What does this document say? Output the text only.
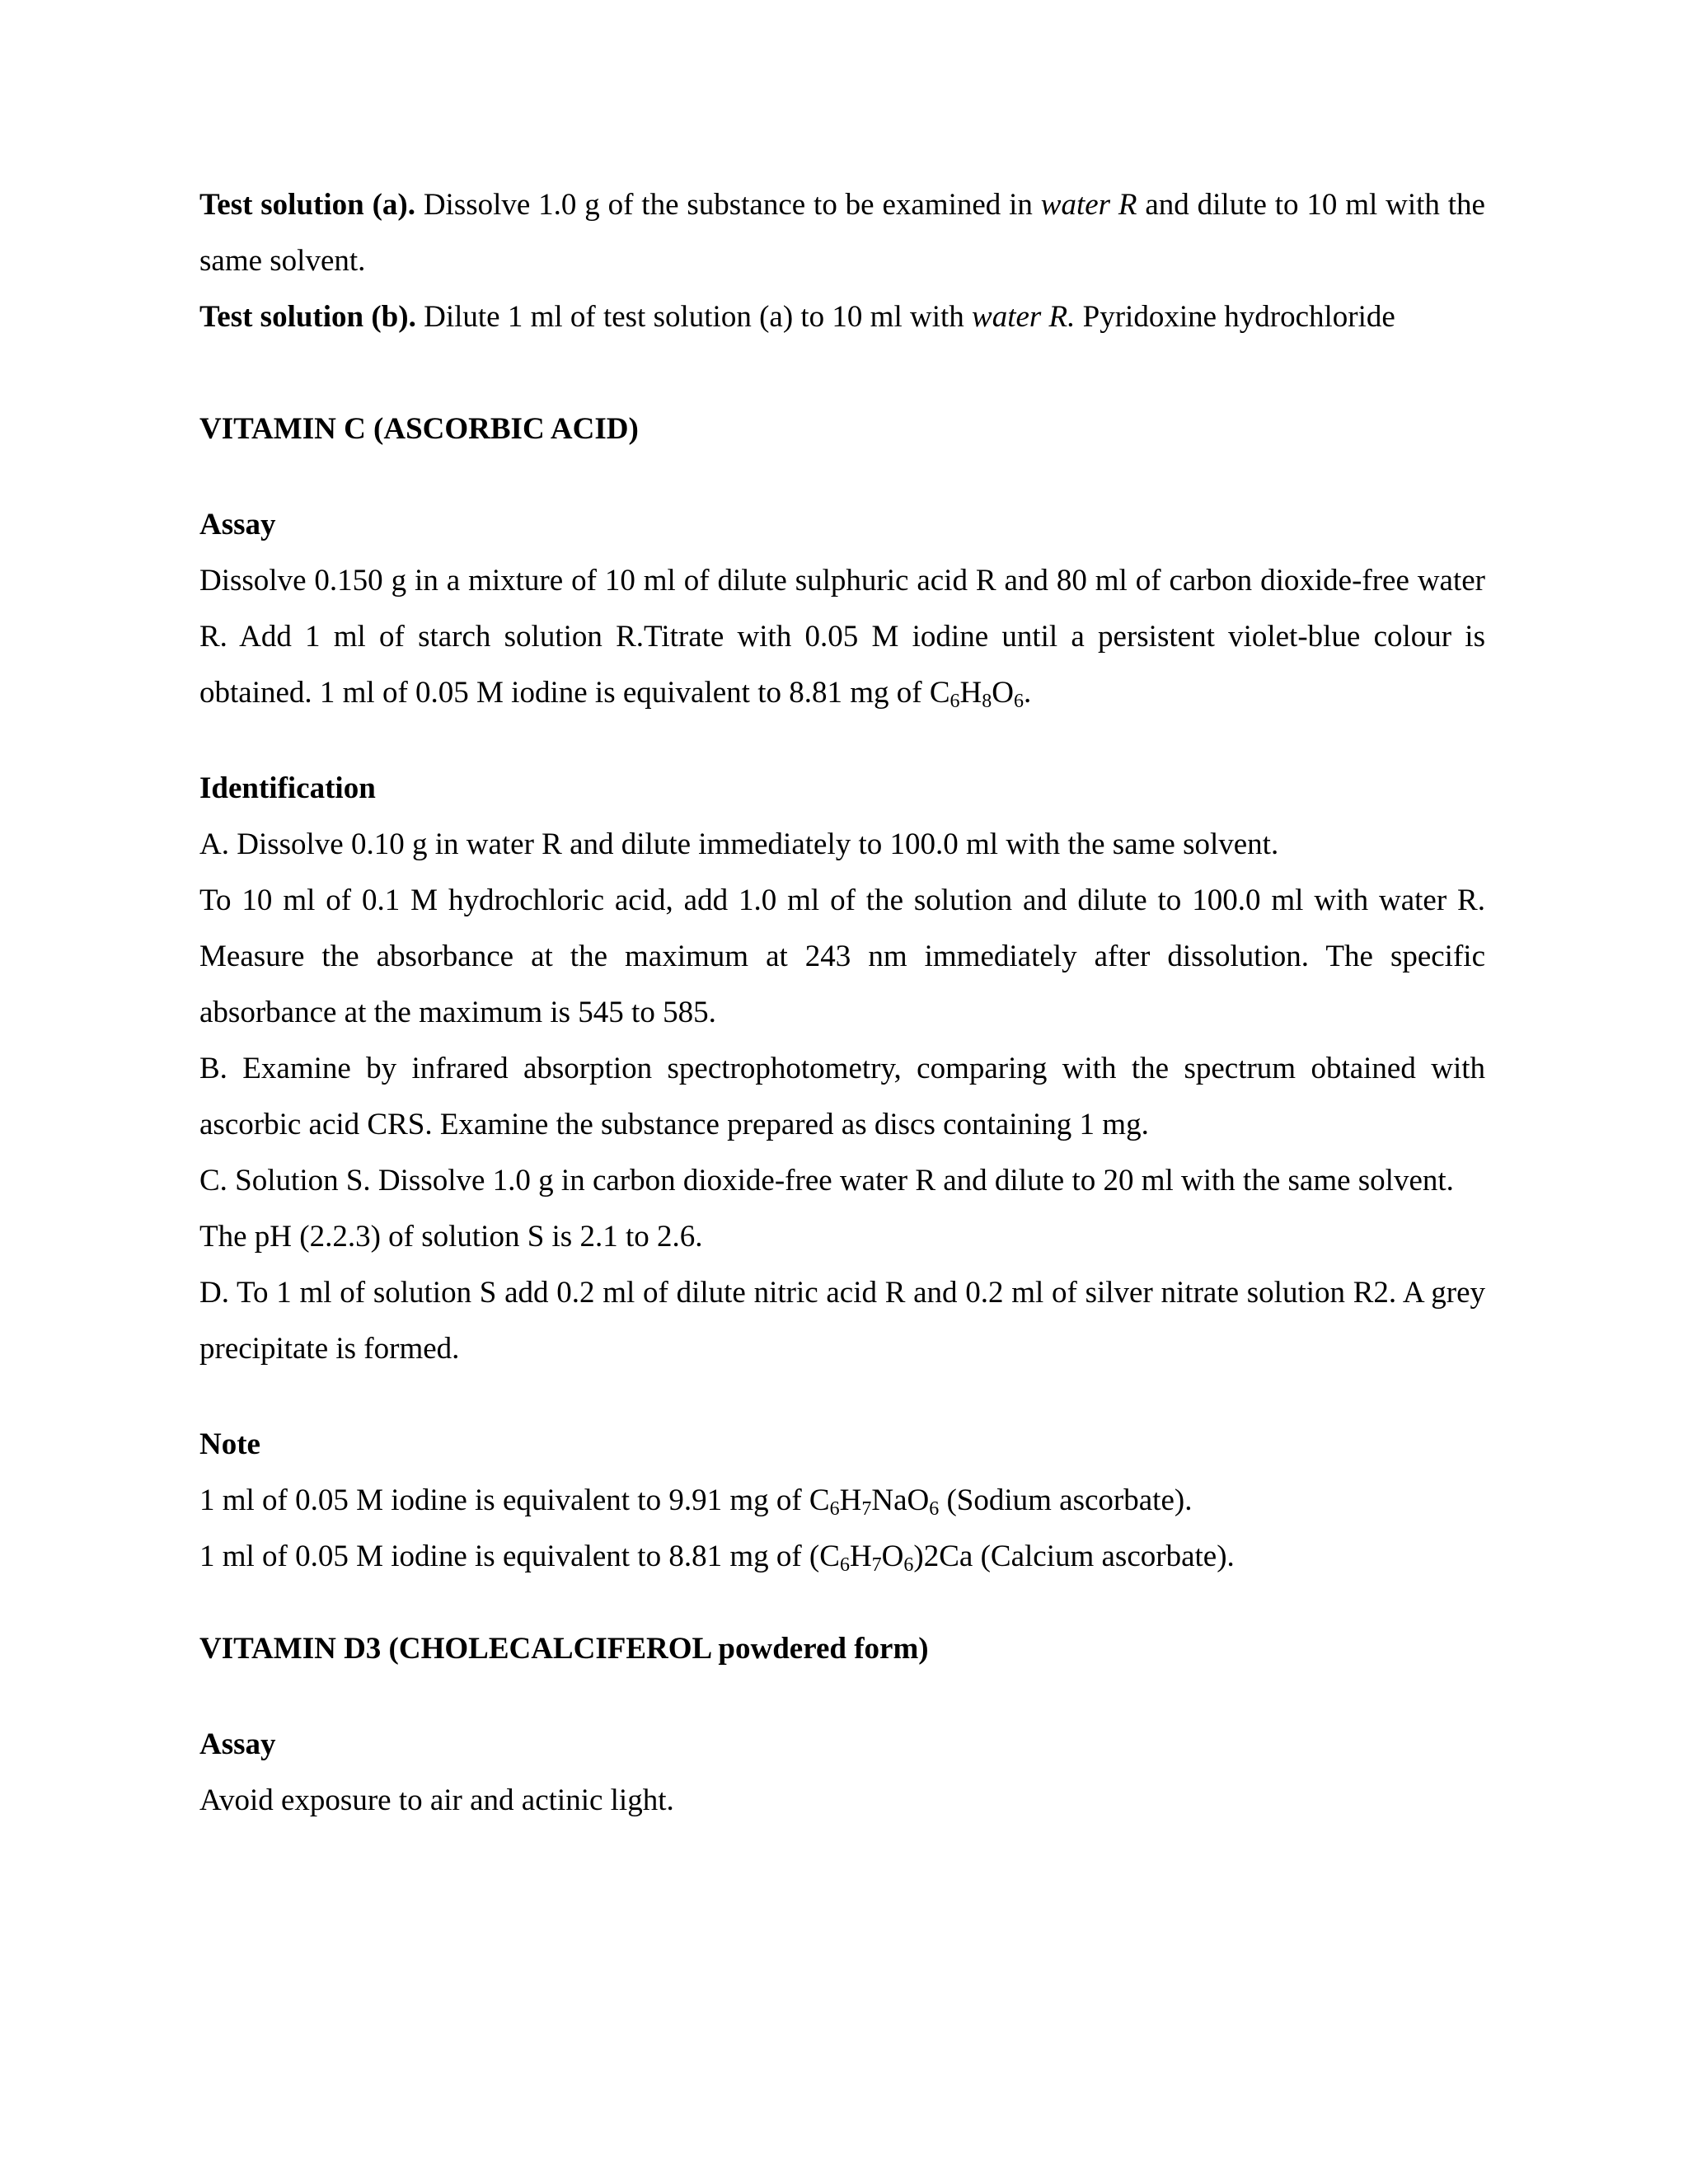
Test solution (a). Dissolve 1.0 g of the substance to be examined in water R and dilute to 10 ml with the same solvent.

Test solution (b). Dilute 1 ml of test solution (a) to 10 ml with water R. Pyridoxine hydrochloride

VITAMIN C (ASCORBIC ACID)

Assay

Dissolve 0.150 g in a mixture of 10 ml of dilute sulphuric acid R and 80 ml of carbon dioxide-free water R. Add 1 ml of starch solution R.Titrate with 0.05 M iodine until a persistent violet-blue colour is obtained. 1 ml of 0.05 M iodine is equivalent to 8.81 mg of $C_6H_8O_6$.

Identification

A. Dissolve 0.10 g in water R and dilute immediately to 100.0 ml with the same solvent.

To 10 ml of 0.1 M hydrochloric acid, add 1.0 ml of the solution and dilute to 100.0 ml with water R. Measure the absorbance at the maximum at 243 nm immediately after dissolution. The specific absorbance at the maximum is 545 to 585.

B. Examine by infrared absorption spectrophotometry, comparing with the spectrum obtained with ascorbic acid CRS. Examine the substance prepared as discs containing 1 mg.

C. Solution S. Dissolve 1.0 g in carbon dioxide-free water R and dilute to 20 ml with the same solvent.

The pH (2.2.3) of solution S is 2.1 to 2.6.

D. To 1 ml of solution S add 0.2 ml of dilute nitric acid R and 0.2 ml of silver nitrate solution R2. A grey precipitate is formed.

Note

1 ml of 0.05 M iodine is equivalent to 9.91 mg of $C_6H_7NaO_6$ (Sodium ascorbate).

1 ml of 0.05 M iodine is equivalent to 8.81 mg of $(C_6H_7O_6)2Ca$ (Calcium ascorbate).

VITAMIN D3 (CHOLECALCIFEROL powdered form)

Assay

Avoid exposure to air and actinic light.
